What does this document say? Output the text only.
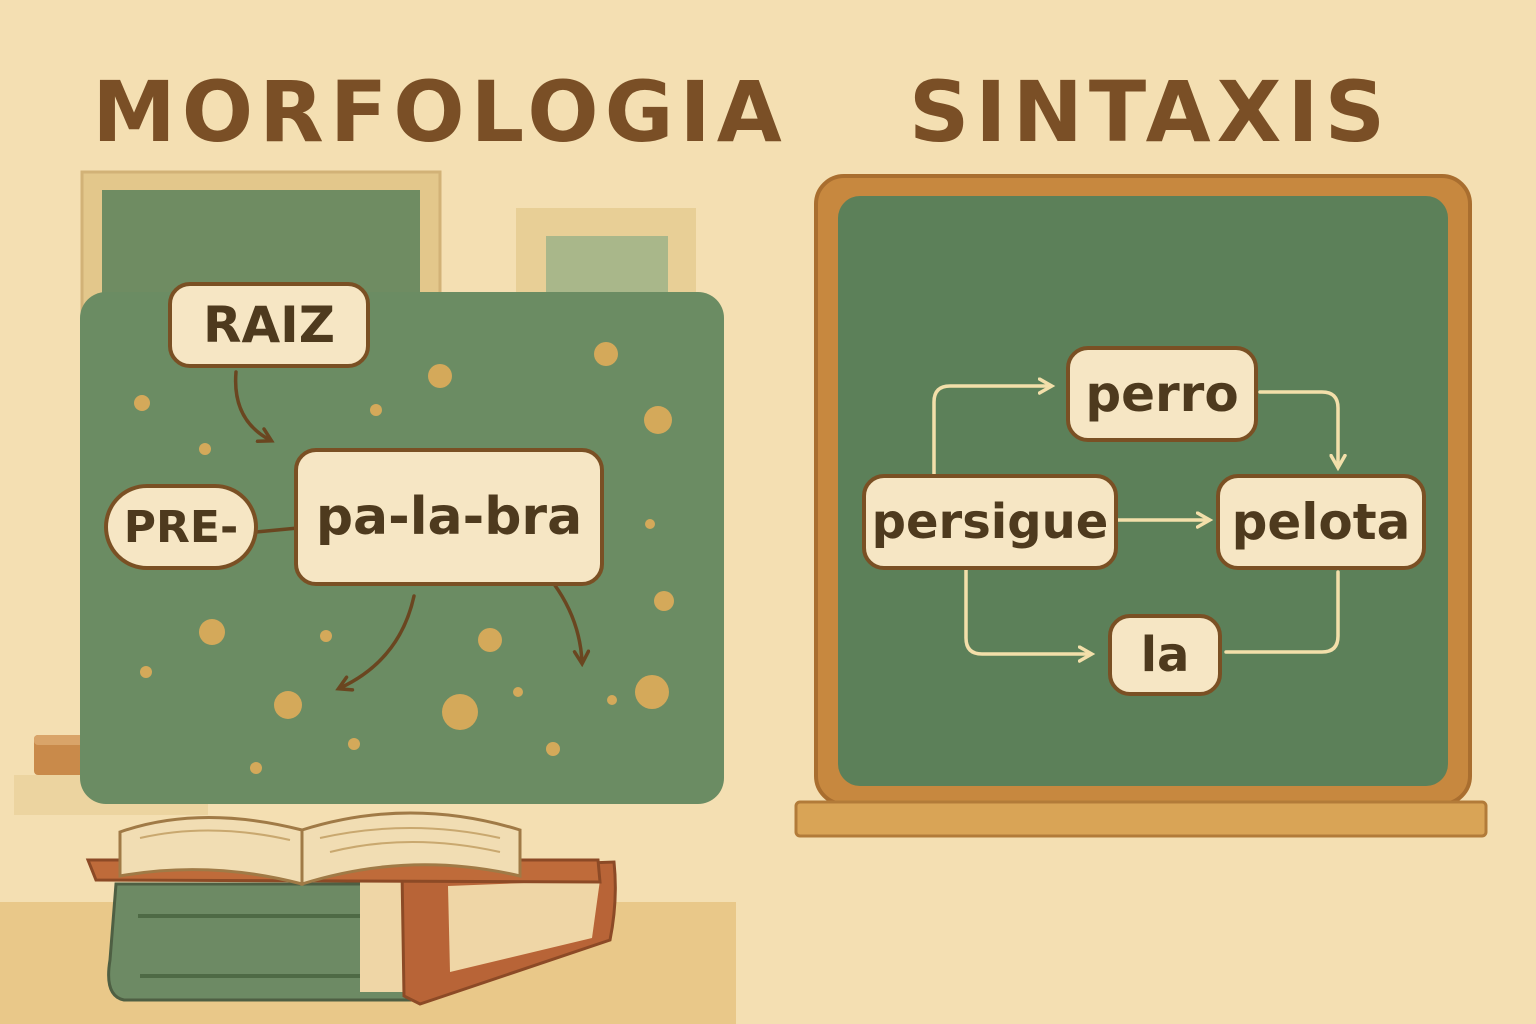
MORFOLOGIA	SINTAXIS
RAIZ
PRE-	pa-la-bra
perro
persigue	pelota
la
